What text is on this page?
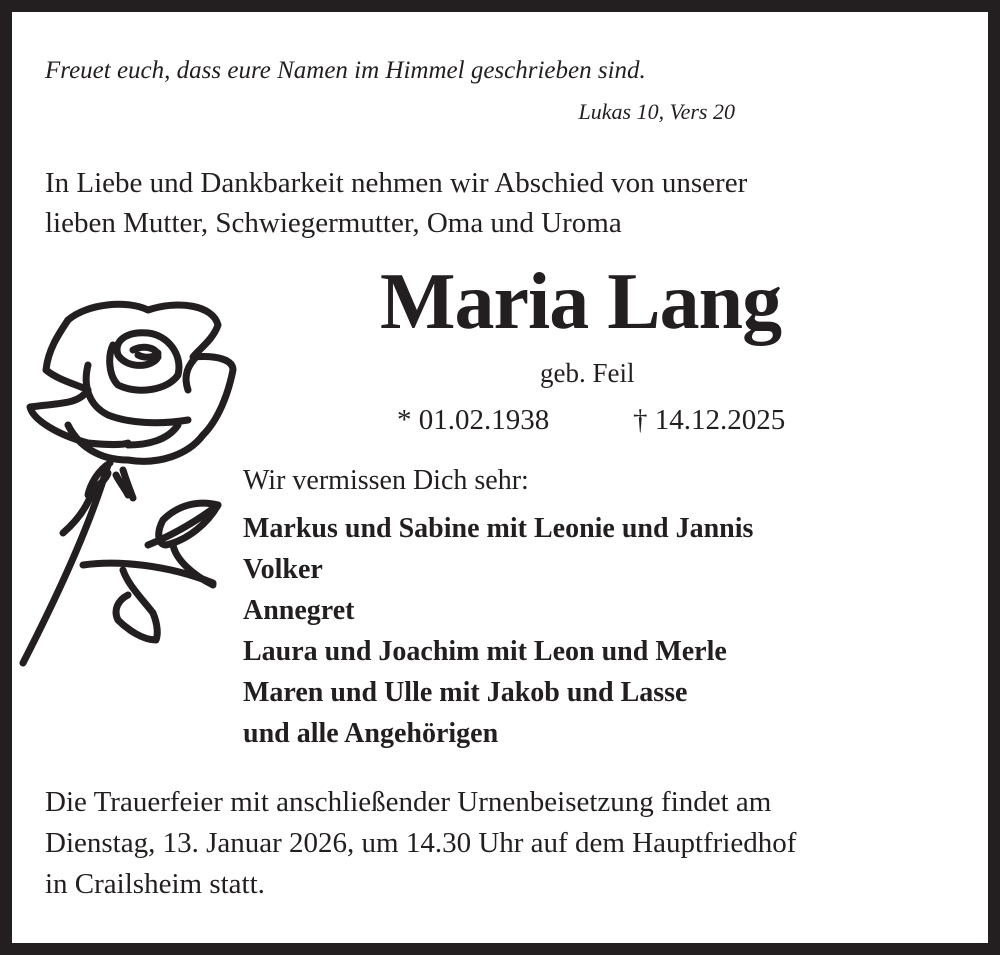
Freuet euch, dass eure Namen im Himmel geschrieben sind.
Lukas 10, Vers 20
In Liebe und Dankbarkeit nehmen wir Abschied von unserer
lieben Mutter, Schwiegermutter, Oma und Uroma
Maria Lang
geb. Feil
* 01.02.1938	† 14.12.2025
Wir vermissen Dich sehr:
Markus und Sabine mit Leonie und Jannis
Volker
Annegret
Laura und Joachim mit Leon und Merle
Maren und Ulle mit Jakob und Lasse
und alle Angehörigen
Die Trauerfeier mit anschließender Urnenbeisetzung findet am
Dienstag, 13. Januar 2026, um 14.30 Uhr auf dem Hauptfriedhof
in Crailsheim statt.
